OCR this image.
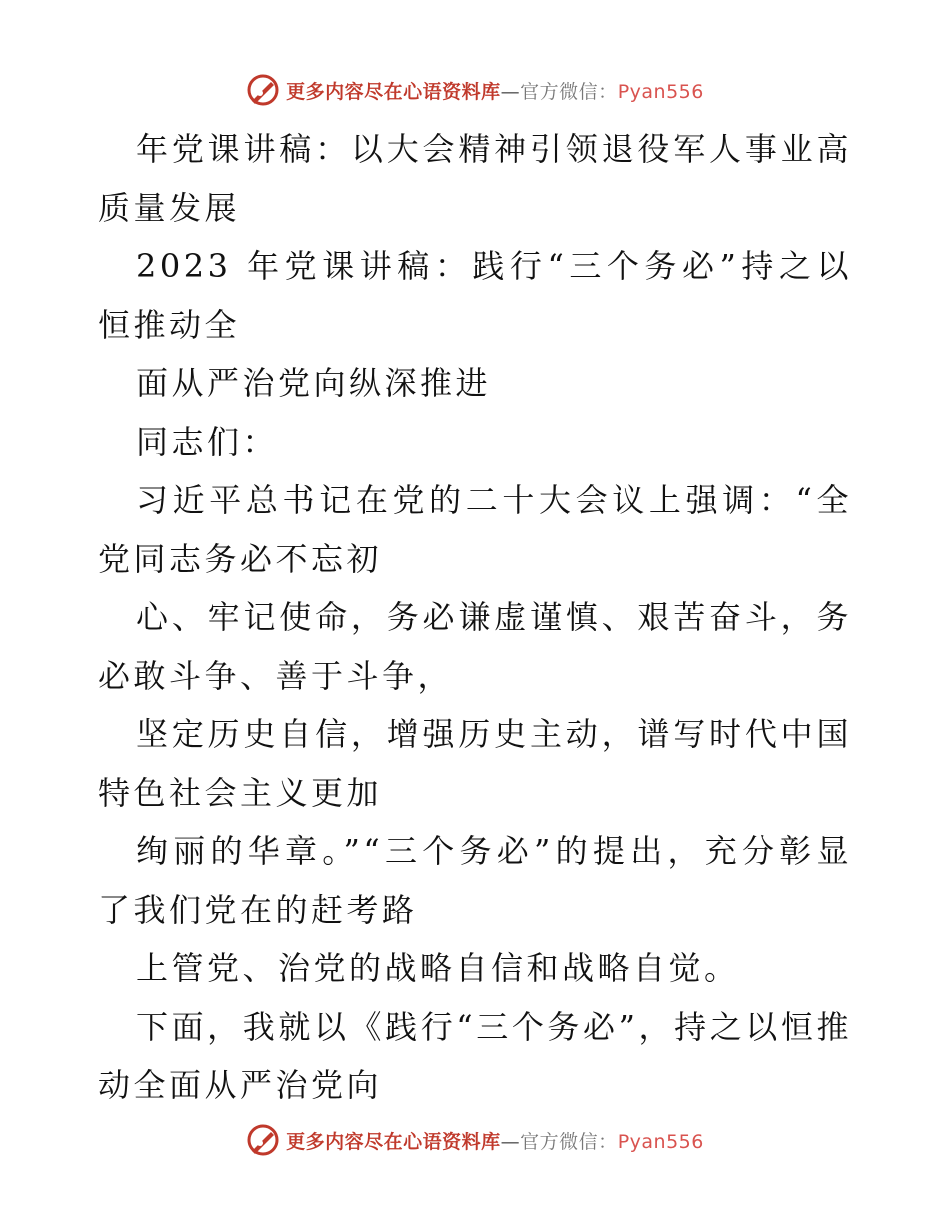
更多内容尽在心语资料库—官方微信：Pyan556

年党课讲稿：以大会精神引领退役军人事业高质量发展

2023 年党课讲稿：践行“三个务必”持之以恒推动全

面从严治党向纵深推进

同志们：

习近平总书记在党的二十大会议上强调：“全党同志务必不忘初

心、牢记使命，务必谦虚谨慎、艰苦奋斗，务必敢斗争、善于斗争，

坚定历史自信，增强历史主动，谱写时代中国特色社会主义更加

绚丽的华章。”“三个务必”的提出，充分彰显了我们党在的赶考路

上管党、治党的战略自信和战略自觉。

下面，我就以《践行“三个务必”，持之以恒推动全面从严治党向

更多内容尽在心语资料库—官方微信：Pyan556
